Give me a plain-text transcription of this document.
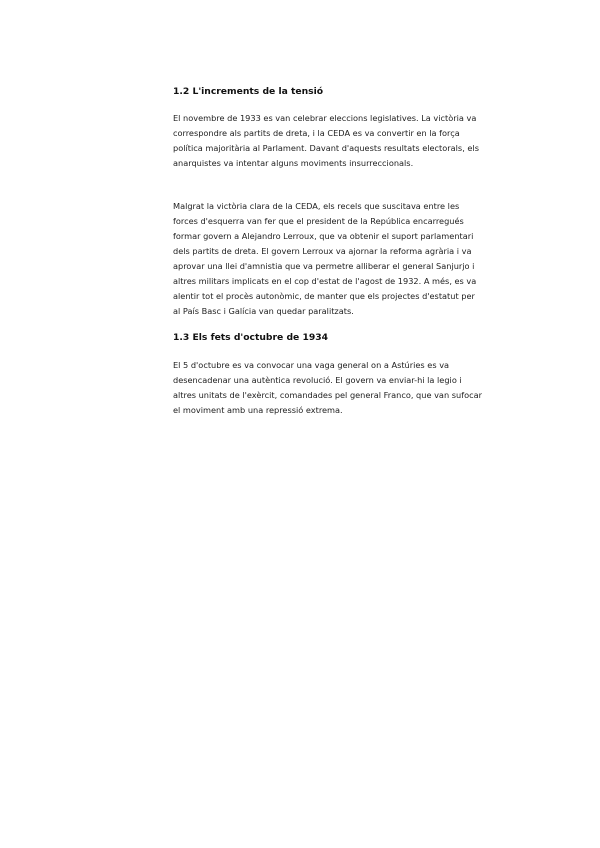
1.2 L'increments de la tensió

El novembre de 1933 es van celebrar eleccions legislatives. La victòria va
correspondre als partits de dreta, i la CEDA es va convertir en la força
política majoritària al Parlament. Davant d'aquests resultats electorals, els
anarquistes va intentar alguns moviments insurreccionals.

Malgrat la victòria clara de la CEDA, els recels que suscitava entre les
forces d'esquerra van fer que el president de la República encarregués
formar govern a Alejandro Lerroux, que va obtenir el suport parlamentari
dels partits de dreta. El govern Lerroux va ajornar la reforma agrària i va
aprovar una llei d'amnistia que va permetre alliberar el general Sanjurjo i
altres militars implicats en el cop d'estat de l'agost de 1932. A més, es va
alentir tot el procès autonòmic, de manter que els projectes d'estatut per
al País Basc i Galícia van quedar paralitzats.

1.3 Els fets d'octubre de 1934

El 5 d'octubre es va convocar una vaga general on a Astúries es va
desencadenar una autèntica revolució. El govern va enviar-hi la legio i
altres unitats de l'exèrcit, comandades pel general Franco, que van sufocar
el moviment amb una repressió extrema.
